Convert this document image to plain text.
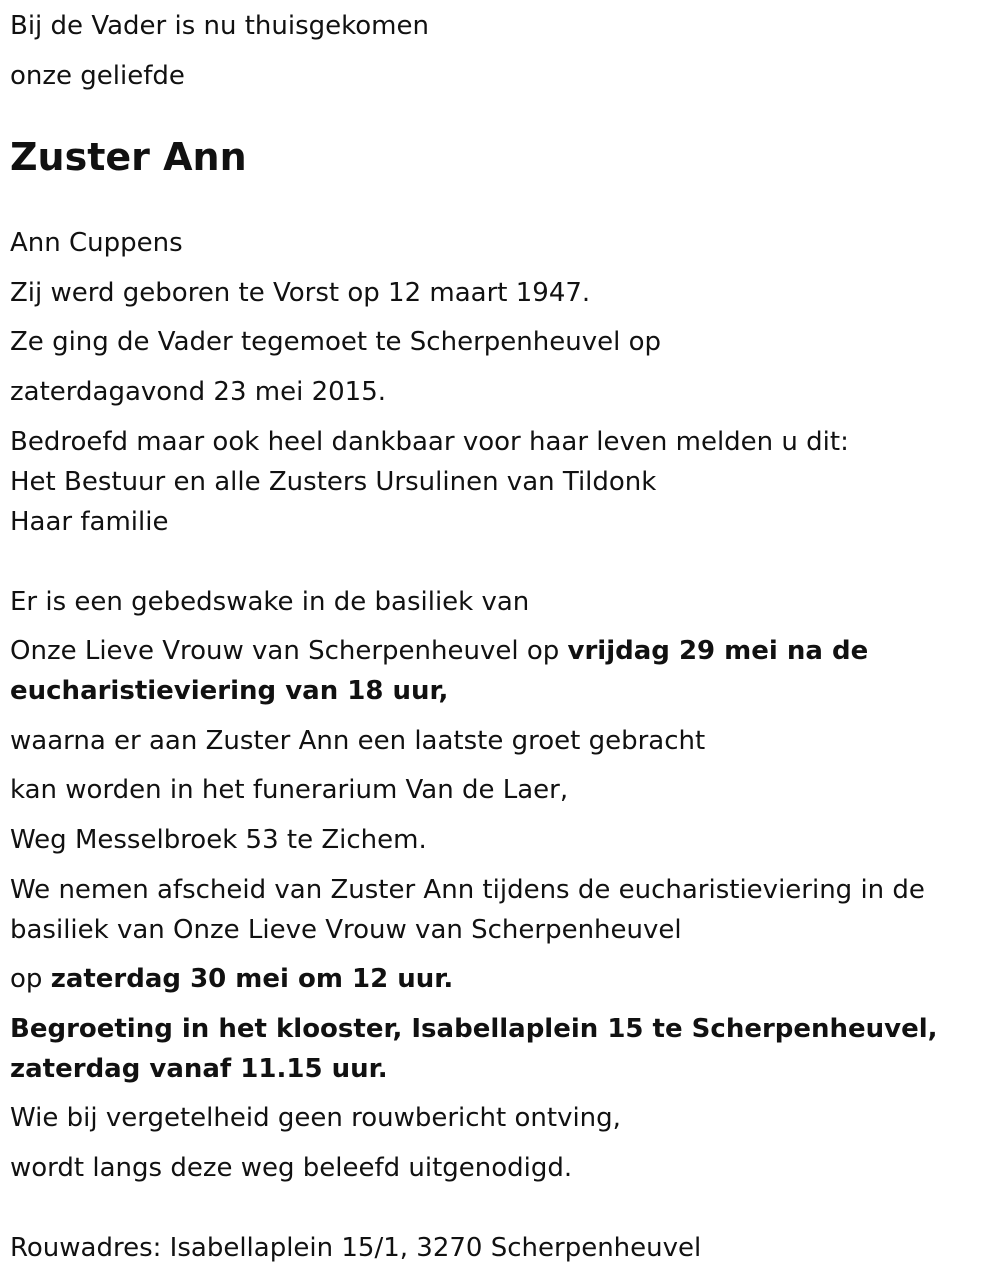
Bij de Vader is nu thuisgekomen
onze geliefde
Zuster Ann
Ann Cuppens
Zij werd geboren te Vorst op 12 maart 1947.
Ze ging de Vader tegemoet te Scherpenheuvel op
zaterdagavond 23 mei 2015.
Bedroefd maar ook heel dankbaar voor haar leven melden u dit:
Het Bestuur en alle Zusters Ursulinen van Tildonk
Haar familie
Er is een gebedswake in de basiliek van
Onze Lieve Vrouw van Scherpenheuvel op vrijdag 29 mei na de
eucharistieviering van 18 uur,
waarna er aan Zuster Ann een laatste groet gebracht
kan worden in het funerarium Van de Laer,
Weg Messelbroek 53 te Zichem.
We nemen afscheid van Zuster Ann tijdens de eucharistieviering in de
basiliek van Onze Lieve Vrouw van Scherpenheuvel
op zaterdag 30 mei om 12 uur.
Begroeting in het klooster, Isabellaplein 15 te Scherpenheuvel,
zaterdag vanaf 11.15 uur.
Wie bij vergetelheid geen rouwbericht ontving,
wordt langs deze weg beleefd uitgenodigd.
Rouwadres: Isabellaplein 15/1, 3270 Scherpenheuvel
